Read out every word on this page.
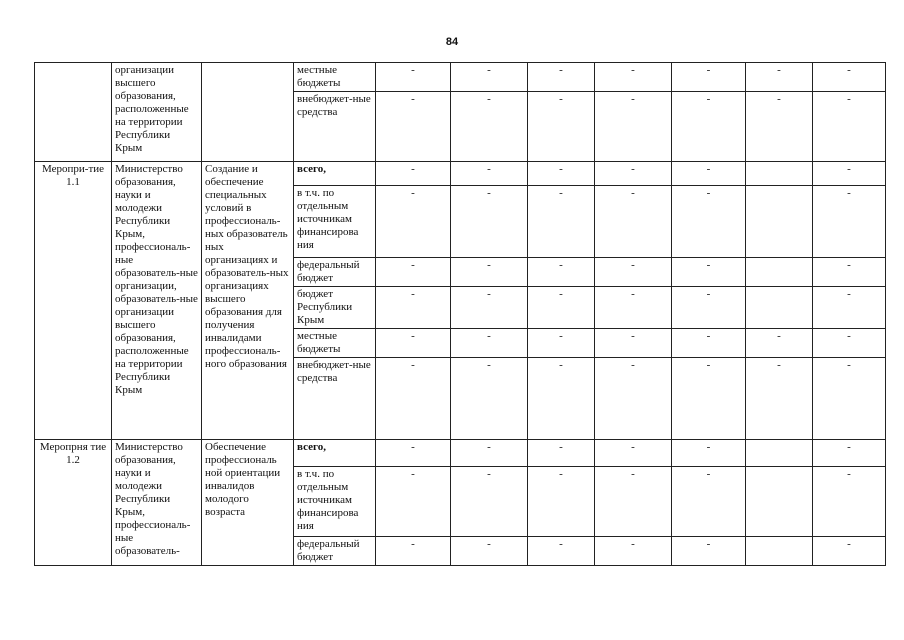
84
	организации высшего образования, расположенные на территории Республики Крым		местные бюджеты	-	-	-	-	-	-	-
			внебюджет-ные средства	-	-	-	-	-	-	-
Меропри-тие 1.1	Министерство образования, науки и молодежи Республики Крым, профессиональ-ные образователь-ные организации, образователь-ные организации высшего образования, расположенные на территории Республики Крым	Создание и обеспечение специальных условий в профессиональ-ных образователь ных организациях и образователь-ных организациях высшего образования для получения инвалидами профессиональ-ного образования	всего,	-	-	-	-	-		-
			в т.ч. по отдельным источникам финансирова ния	-	-	-	-	-		-
			федеральный бюджет	-	-	-	-	-		-
			бюджет Республики Крым	-	-	-	-	-		-
			местные бюджеты	-	-	-	-	-	-	-
			внебюджет-ные средства	-	-	-	-	-	-	-
Меропрня тие 1.2	Министерство образования, науки и молодежи Республики Крым, профессиональ-ные образователь-	Обеспечение профессиональ ной ориентации инвалидов молодого возраста	всего,	-	-	-	-	-		-
			в т.ч. по отдельным источникам финансирова ния	-	-	-	-	-		-
			федеральный бюджет	-	-	-	-	-		-
